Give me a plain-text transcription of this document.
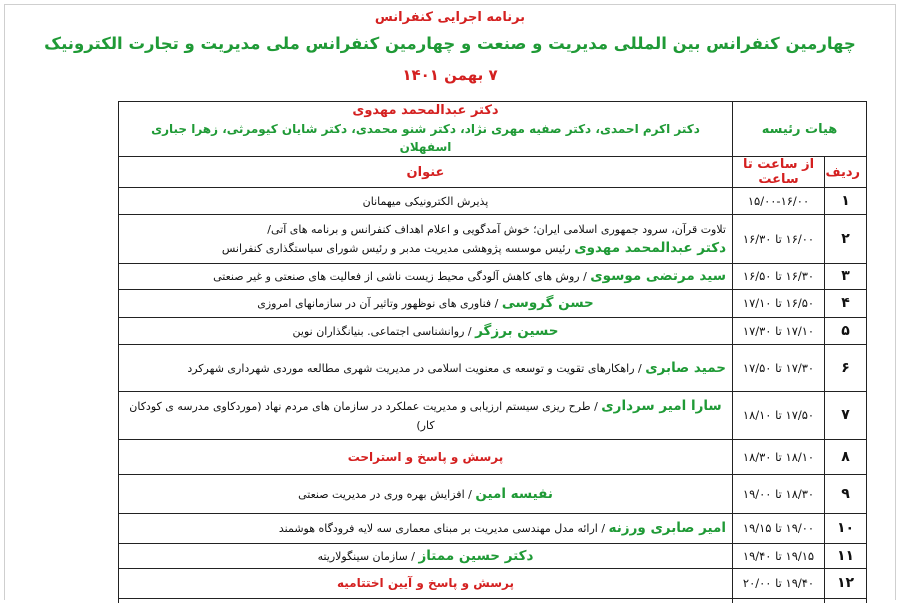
برنامه اجرایی کنفرانس
چهارمین کنفرانس بین المللی مدیریت و صنعت و چهارمین کنفرانس ملی مدیریت و تجارت الکترونیک
۷ بهمن ۱۴۰۱
هیات رئیسه		دکتر عبدالمحمد مهدوی
دکتر اکرم احمدی، دکتر صفیه مهری نژاد، دکتر شنو محمدی، دکتر شایان کیومرثی، زهرا جباری اسفهلان

ردیف	از ساعت تا ساعت	عنوان
۱	۱۵/۰۰-۱۶/۰۰	پذیرش الکترونیکی میهمانان
۲	۱۶/۰۰ تا ۱۶/۳۰	تلاوت قرآن، سرود جمهوری اسلامی ایران؛ خوش آمدگویی و اعلام اهداف کنفرانس و برنامه های آتی/
دکتر عبدالمحمد مهدوی رئیس موسسه پژوهشی مدیریت مدبر و رئیس شورای سیاستگذاری کنفرانس
۳	۱۶/۳۰ تا ۱۶/۵۰	سید مرتضی موسوی / روش های کاهش آلودگی محیط زیست ناشی از فعالیت های صنعتی و غیر صنعتی
۴	۱۶/۵۰ تا ۱۷/۱۰	حسن گروسی / فناوری های نوظهور وتاثیر آن در سازمانهای امروزی
۵	۱۷/۱۰ تا ۱۷/۳۰	حسین برزگر / روانشناسی اجتماعی. بنیانگذاران نوین
۶	۱۷/۳۰ تا ۱۷/۵۰	حمید صابری / راهکارهای تقویت و توسعه ی معنویت اسلامی در مدیریت شهری مطالعه موردی شهرداری شهرکرد
۷	۱۷/۵۰ تا ۱۸/۱۰	سارا امیر سرداری / طرح ریزی سیستم ارزیابی و مدیریت عملکرد در سازمان های مردم نهاد (موردکاوی مدرسه ی کودکان کار)
۸	۱۸/۱۰ تا ۱۸/۳۰	پرسش و پاسخ و استراحت
۹	۱۸/۳۰ تا ۱۹/۰۰	نفیسه امین / افزایش بهره وری در مدیریت صنعتی
۱۰	۱۹/۰۰ تا ۱۹/۱۵	امیر صابری ورزنه / ارائه مدل مهندسی مدیریت بر مبنای معماری سه لایه فرودگاه هوشمند
۱۱	۱۹/۱۵ تا ۱۹/۴۰	دکتر حسین ممتاز / سازمان سینگولاریته
۱۲	۱۹/۴۰ تا ۲۰/۰۰	پرسش و پاسخ و آیین اختتامیه
